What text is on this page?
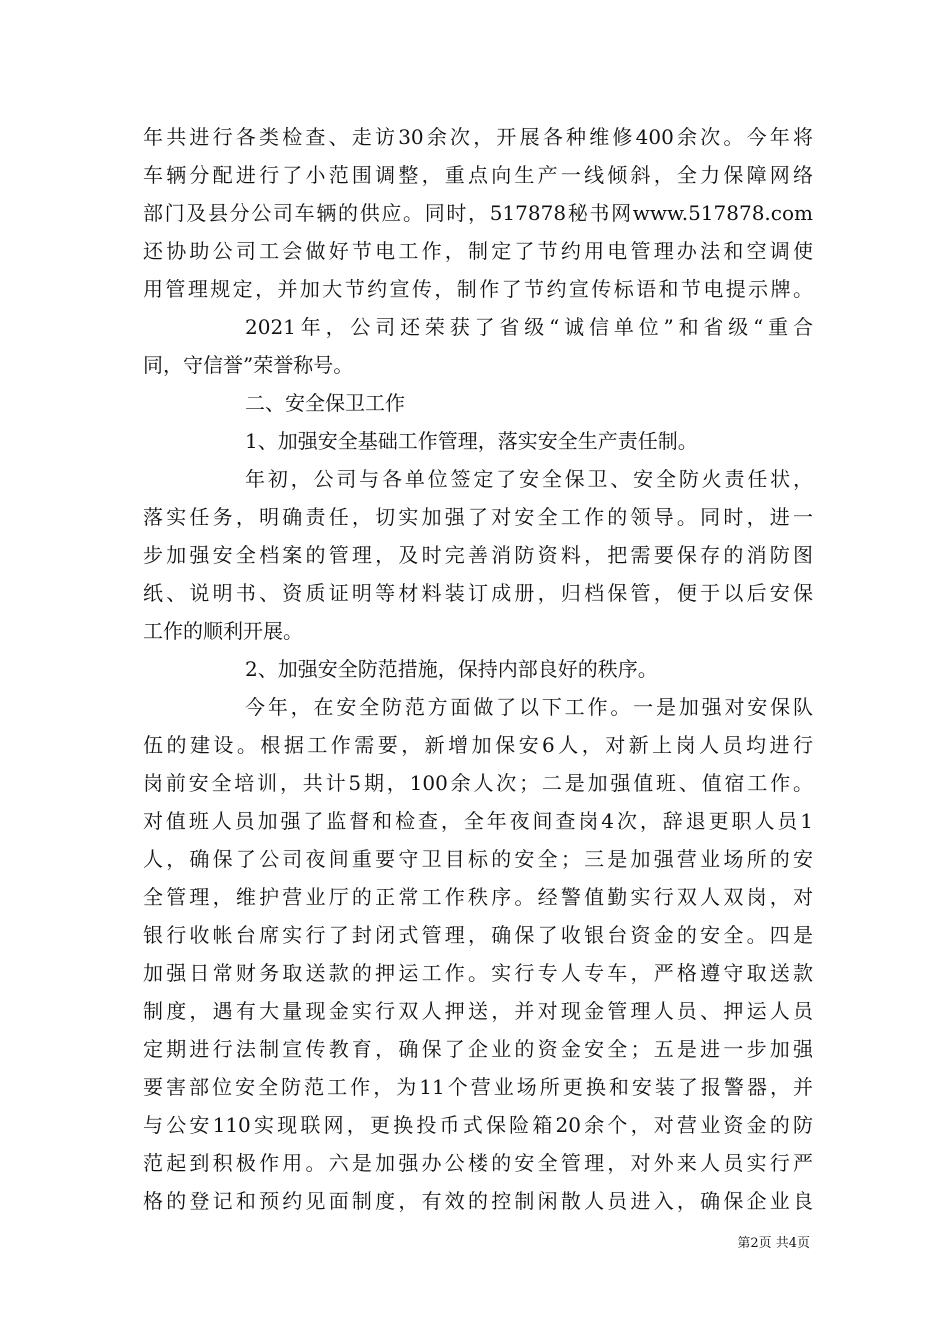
年共进行各类检查、走访30余次，开展各种维修400余次。今年将
车辆分配进行了小范围调整，重点向生产一线倾斜，全力保障网络
部门及县分公司车辆的供应。同时，517878秘书网www.517878.com
还协助公司工会做好节电工作，制定了节约用电管理办法和空调使
用管理规定，并加大节约宣传，制作了节约宣传标语和节电提示牌。
2021年，公司还荣获了省级“诚信单位”和省级“重合
同，守信誉”荣誉称号。
二、安全保卫工作
1、加强安全基础工作管理，落实安全生产责任制。
年初，公司与各单位签定了安全保卫、安全防火责任状，
落实任务，明确责任，切实加强了对安全工作的领导。同时，进一
步加强安全档案的管理，及时完善消防资料，把需要保存的消防图
纸、说明书、资质证明等材料装订成册，归档保管，便于以后安保
工作的顺利开展。
2、加强安全防范措施，保持内部良好的秩序。
今年，在安全防范方面做了以下工作。一是加强对安保队
伍的建设。根据工作需要，新增加保安6人，对新上岗人员均进行
岗前安全培训，共计5期，100余人次；二是加强值班、值宿工作。
对值班人员加强了监督和检查，全年夜间查岗4次，辞退更职人员1
人，确保了公司夜间重要守卫目标的安全；三是加强营业场所的安
全管理，维护营业厅的正常工作秩序。经警值勤实行双人双岗，对
银行收帐台席实行了封闭式管理，确保了收银台资金的安全。四是
加强日常财务取送款的押运工作。实行专人专车，严格遵守取送款
制度，遇有大量现金实行双人押送，并对现金管理人员、押运人员
定期进行法制宣传教育，确保了企业的资金安全；五是进一步加强
要害部位安全防范工作，为11个营业场所更换和安装了报警器，并
与公安110实现联网，更换投币式保险箱20余个，对营业资金的防
范起到积极作用。六是加强办公楼的安全管理，对外来人员实行严
格的登记和预约见面制度，有效的控制闲散人员进入，确保企业良
第2页 共4页
